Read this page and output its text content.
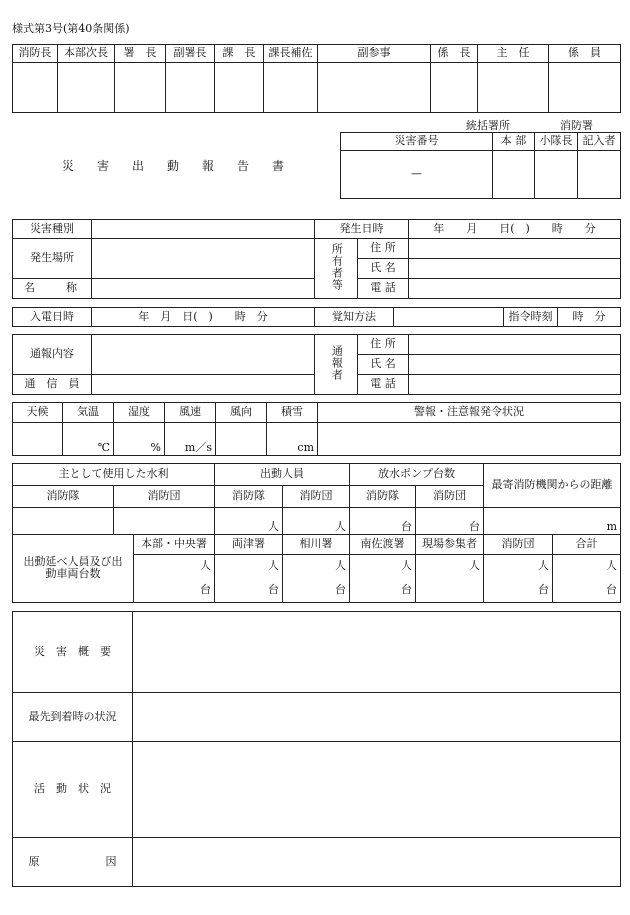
様式第3号(第40条関係)
消防長	本部次長	署　長	副署長	課　長	課長補佐	副参事	係　長	主　任	係　員

統括署所	消防署
災害出動報告書
災害番号	本 部	小隊長	記入者
—			
災害種別		発生日時		年　　月　　日(　)　　時　　分
発生場所		所有者等	住 所	
			氏 名	
名　　称			電 話	
入電日時	年　月　日(　)　　時　分	覚知方法		指令時刻	時　分
通報内容		通報者	住 所	
			氏 名	
通　信　員			電 話	
天候	気温	湿度	風速	風向	積雪	警報・注意報発令状況
	℃	%	m／s		cm	
主として使用した水利			出動人員		放水ポンプ台数		最寄消防機関からの距離	
消防隊	消防団		消防隊	消防団	消防隊	消防団		
			人	人	台	台	m	
出動延べ人員及び出動車両台数		本部・中央署	両津署	相川署	南佐渡署	現場参集者	消防団	合計
		人	人	人	人	人	人	人
		台	台	台	台		台	台
災　害　概　要	
最先到着時の状況	
活　動　状　況	
原　　　　　　因	
